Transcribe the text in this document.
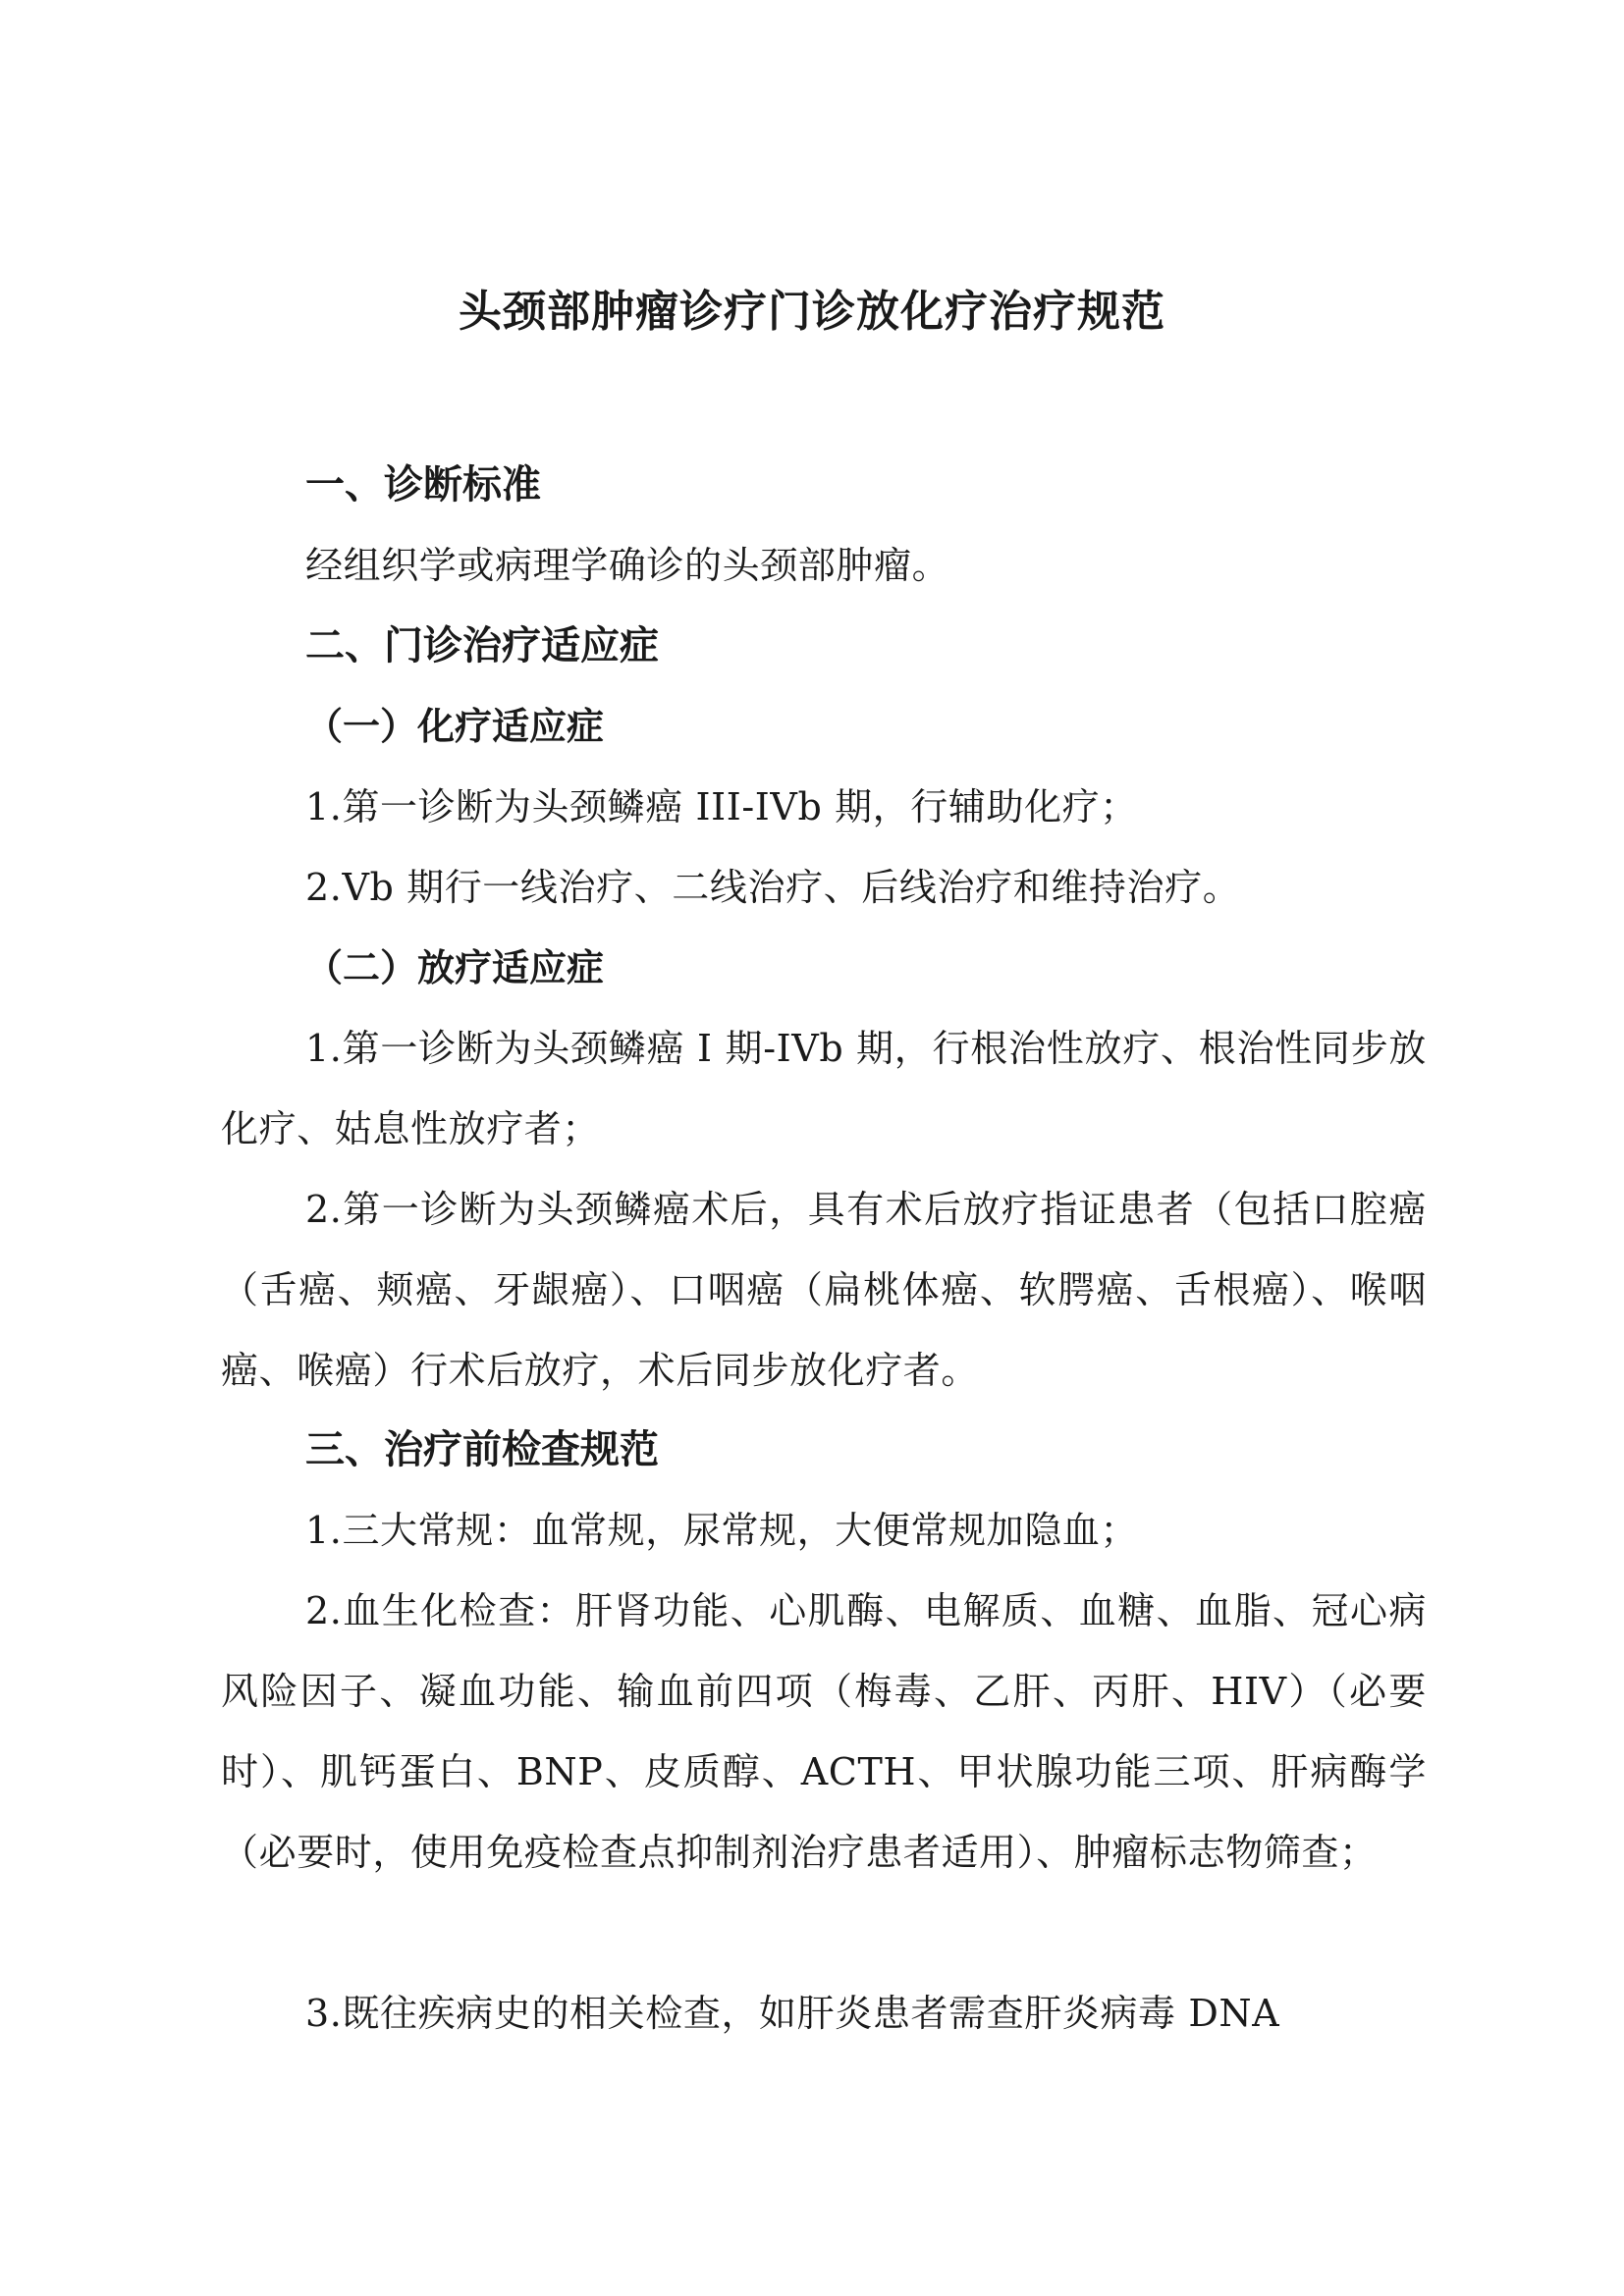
头颈部肿瘤诊疗门诊放化疗治疗规范
一、诊断标准

经组织学或病理学确诊的头颈部肿瘤。

二、门诊治疗适应症
（一）化疗适应症

1.第一诊断为头颈鳞癌 III-IVb 期，行辅助化疗；

2.Vb 期行一线治疗、二线治疗、后线治疗和维持治疗。

（二）放疗适应症

1.第一诊断为头颈鳞癌 I 期-IVb 期，行根治性放疗、根治性同步放化疗、姑息性放疗者；

2.第一诊断为头颈鳞癌术后，具有术后放疗指证患者（包括口腔癌（舌癌、颊癌、牙龈癌）、口咽癌（扁桃体癌、软腭癌、舌根癌）、喉咽癌、喉癌）行术后放疗，术后同步放化疗者。

三、治疗前检查规范

1.三大常规：血常规，尿常规，大便常规加隐血；

2.血生化检查：肝肾功能、心肌酶、电解质、血糖、血脂、冠心病风险因子、凝血功能、输血前四项（梅毒、乙肝、丙肝、HIV）（必要时）、肌钙蛋白、BNP、皮质醇、ACTH、甲状腺功能三项、肝病酶学（必要时，使用免疫检查点抑制剂治疗患者适用）、肿瘤标志物筛查；

3.既往疾病史的相关检查，如肝炎患者需查肝炎病毒 DNA
